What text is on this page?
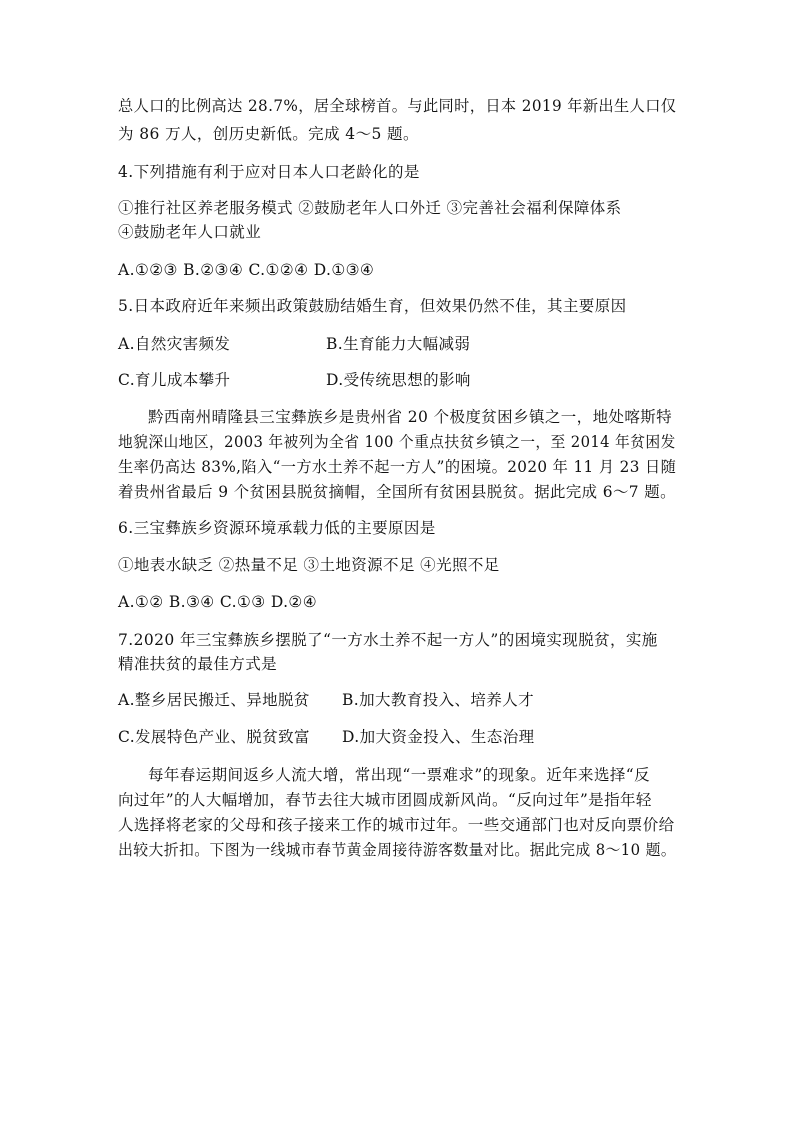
总人口的比例高达 28.7%，居全球榜首。与此同时，日本 2019 年新出生人口仅
为 86 万人，创历史新低。完成 4～5 题。
4.下列措施有利于应对日本人口老龄化的是
①推行社区养老服务模式 ②鼓励老年人口外迁 ③完善社会福利保障体系
④鼓励老年人口就业
A.①②③ B.②③④ C.①②④ D.①③④
5.日本政府近年来频出政策鼓励结婚生育，但效果仍然不佳，其主要原因
A.自然灾害频发	B.生育能力大幅减弱
C.育儿成本攀升	D.受传统思想的影响
黔西南州晴隆县三宝彝族乡是贵州省 20 个极度贫困乡镇之一，地处喀斯特
地貌深山地区，2003 年被列为全省 100 个重点扶贫乡镇之一，至 2014 年贫困发
生率仍高达 83%,陷入“一方水土养不起一方人”的困境。2020 年 11 月 23 日随
着贵州省最后 9 个贫困县脱贫摘帽，全国所有贫困县脱贫。据此完成 6～7 题。
6.三宝彝族乡资源环境承载力低的主要原因是
①地表水缺乏 ②热量不足 ③土地资源不足 ④光照不足
A.①② B.③④ C.①③ D.②④
7.2020 年三宝彝族乡摆脱了“一方水土养不起一方人”的困境实现脱贫，实施
精准扶贫的最佳方式是
A.整乡居民搬迁、异地脱贫 B.加大教育投入、培养人才
C.发展特色产业、脱贫致富 D.加大资金投入、生态治理
每年春运期间返乡人流大增，常出现“一票难求”的现象。近年来选择“反
向过年”的人大幅增加，春节去往大城市团圆成新风尚。“反向过年”是指年轻
人选择将老家的父母和孩子接来工作的城市过年。一些交通部门也对反向票价给
出较大折扣。下图为一线城市春节黄金周接待游客数量对比。据此完成 8～10 题。
